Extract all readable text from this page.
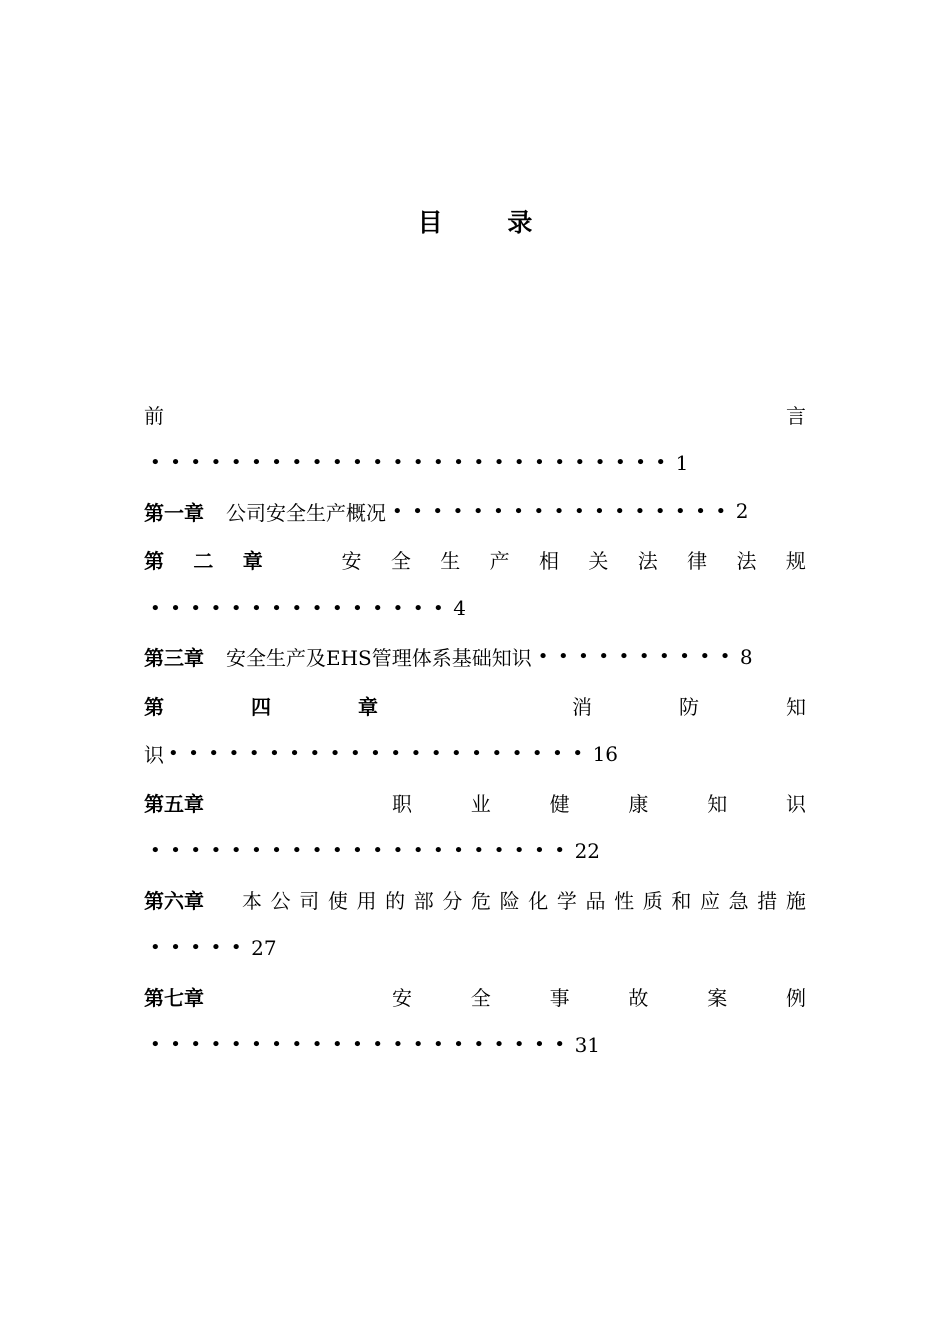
目 录
前	言
•••••••••••••••••••••••••• 1
第一章 公司安全生产概况 ••••••••••••••••• 2
第 二 章	安 全 生 产 相 关 法 律 法 规
••••••••••••••• 4
第三章 安全生产及EHS管理体系基础知识 •••••••••• 8
第	四	章	消	防	知
识 ••••••••••••••••••••• 16
第五章	职	业	健	康	知	识
••••••••••••••••••••• 22
第六章 本 公 司 使 用 的 部 分 危 险 化 学 品 性 质 和 应 急 措 施
••••• 27
第七章	安	全	事	故	案	例
••••••••••••••••••••• 31
